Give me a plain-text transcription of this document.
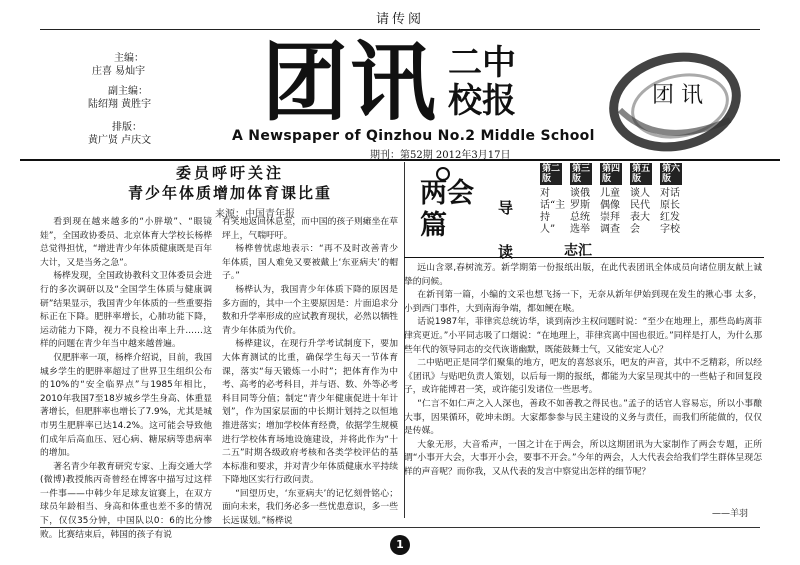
请传阅
主编：
庄喜 易灿宇
副主编：
陆绍翔 黄胜宇
排版：
黄广贤 卢庆文
团讯 二中
校报
A Newspaper of Qinzhou No.2 Middle School
期刊：第52期 2012年3月17日
团 讯
委员呼吁关注
青少年体质增加体育课比重
来源：中国青年报

看到现在越来越多的“小胖墩”、“眼镜娃”，全国政协委员、北京体育大学校长杨桦总觉得担忧，“增进青少年体质健康既是百年大计，又是当务之急”。

杨桦发现，全国政协教科文卫体委员会进行的多次调研以及“全国学生体质与健康调研”结果显示，我国青少年体质的一些重要指标正在下降。肥胖率增长，心肺功能下降，运动能力下降，视力不良检出率上升……这样的问题在青少年当中越来越普遍。

仅肥胖率一项，杨桦介绍说，目前，我国城乡学生的肥胖率超过了世界卫生组织公布的10%的“安全临界点”与1985年相比，2010年我国7至18岁城乡学生身高、体重显著增长，但肥胖率也增长了7.9%，尤其是城市男生肥胖率已达14.2%。这可能会导致他们成年后高血压、冠心病、糖尿病等患病率的增加。

著名青少年教育研究专家、上海交通大学(微博)教授熊丙奇曾经在博客中描写过这样一件事——中韩少年足球友谊赛上，在双方球员年龄相当、身高和体重也差不多的情况下，仅仅35分钟，中国队以0：6的比分惨败。比赛结束后，韩国的孩子有说

有笑地返回休息室，而中国的孩子则瘫坐在草坪上，气喘吁吁。

杨桦曾忧虑地表示：“再不及时改善青少年体质，国人难免又要被戴上‘东亚病夫’的帽子。”

杨桦认为，我国青少年体质下降的原因是多方面的，其中一个主要原因是：片面追求分数和升学率形成的应试教育现状，必然以牺牲青少年体质为代价。

杨桦建议，在现行升学考试制度下，要加大体育测试的比重，确保学生每天一节体育课，落实“每天锻炼一小时”；把体育作为中考、高考的必考科目，并与语、数、外等必考科目同等分值；制定“青少年健康促进十年计划”，作为国家层面的中长期计划持之以恒地推进落实；增加学校体育经费，依据学生规模进行学校体育场地设施建设，并将此作为“十二五”时期各级政府考核和各类学校评估的基本标准和要求，并对青少年体质健康水平持续下降地区实行行政问责。

“回望历史，‘东亚病夫’的记忆刻骨铭心；面向未来，我们务必多一些忧患意识，多一些长远谋划。”杨桦说

两会篇
导读
第二版
对话“主持人”
第三版
谈俄罗斯总统选举
第四版
儿童偶像崇拜调查
第五版
谈人民代表大会
第六版
对话原长红发字校
志汇

远山含翠,春树流芳。新学期第一份报纸出版，在此代表团讯全体成员向诸位朋友献上诚挚的问候。

在新刊第一篇，小编的文采也想飞扬一下，无奈从新年伊始到现在发生的揪心事 太多，小到西门事件，大到南海争端，都如鲠在喉。

话说1987年，菲律宾总统访华，谈到南沙主权问题时说：“至少在地理上，那些岛屿离菲律宾更近。”小平同志吸了口烟说：“在地理上，菲律宾离中国也很近。”同样是打人，为什么那些年代的领导同志的交代诙谐幽默，既能鼓舞士气，又能安定人心？

二中贴吧正是同学们聚集的地方，吧友的喜怒哀乐，吧友的声音，其中不乏精彩，所以经《团讯》与贴吧负责人策划，以后每一期的报纸，都能为大家呈现其中的一些帖子和回复段子，或许能博君一笑，或许能引发诸位一些思考。

“仁言不如仁声之入人深也，善政不如善教之得民也。”孟子的话官人容易忘，所以小事酿大事，因果循环，乾坤未朗。大家都参参与民主建设的义务与责任，而我们所能做的，仅仅是传媒。

大象无形，大音希声，一国之计在于两会，所以这期团讯为大家制作了两会专题，正所谓“小事开大会，大事开小会，要事不开会。”今年的两会，人大代表会给我们学生群体呈现怎样的声音呢？而你我，又从代表的发言中察觉出怎样的细节呢？

——羊羽
1
